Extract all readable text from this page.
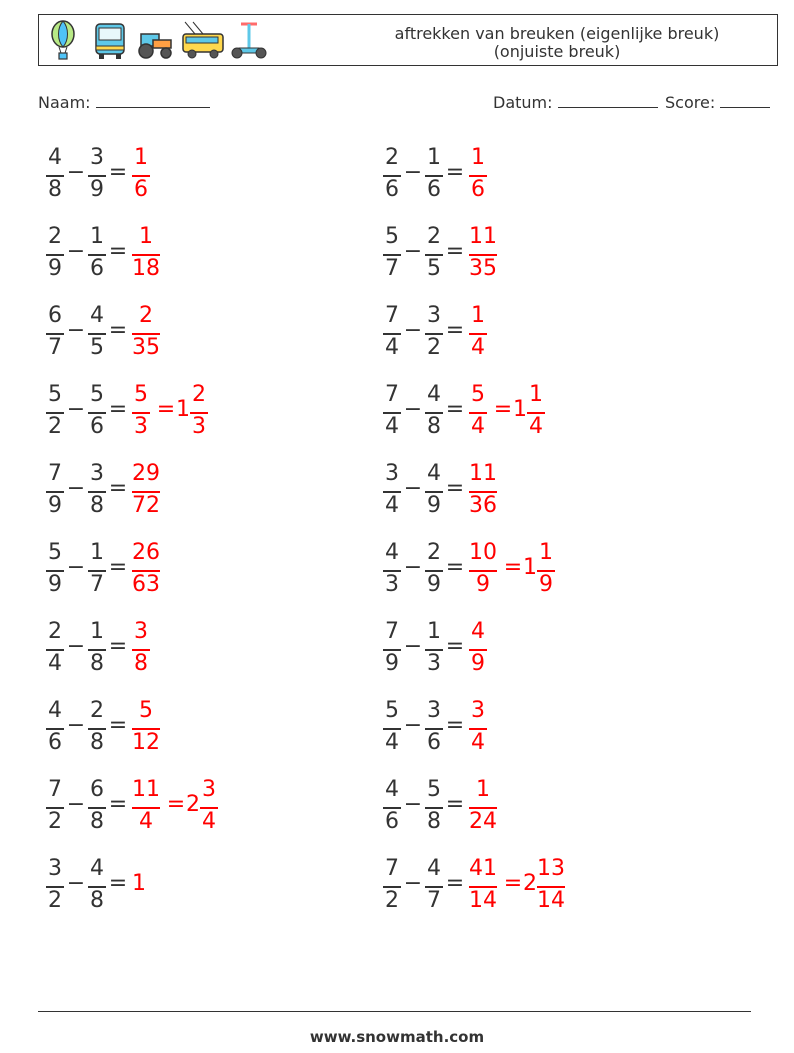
aftrekken van breuken (eigenlijke breuk)
(onjuiste breuk)
Naam:	Datum:	Score:
4
8
−
3
9
=
1
6
2
9
−
1
6
=
1
18
6
7
−
4
5
=
2
35
5
2
−
5
6
=
5
3
= 1
2
3
7
9
−
3
8
=
29
72
5
9
−
1
7
=
26
63
2
4
−
1
8
=
3
8
4
6
−
2
8
=
5
12
7
2
−
6
8
=
11
4
= 2
3
4
3
2
−
4
8
= 1
2
6
−
1
6
=
1
6
5
7
−
2
5
=
11
35
7
4
−
3
2
=
1
4
7
4
−
4
8
=
5
4
= 1
1
4
3
4
−
4
9
=
11
36
4
3
−
2
9
=
10
9
= 1
1
9
7
9
−
1
3
=
4
9
5
4
−
3
6
=
3
4
4
6
−
5
8
=
1
24
7
2
−
4
7
=
41
14
= 2
13
14
www.snowmath.com
